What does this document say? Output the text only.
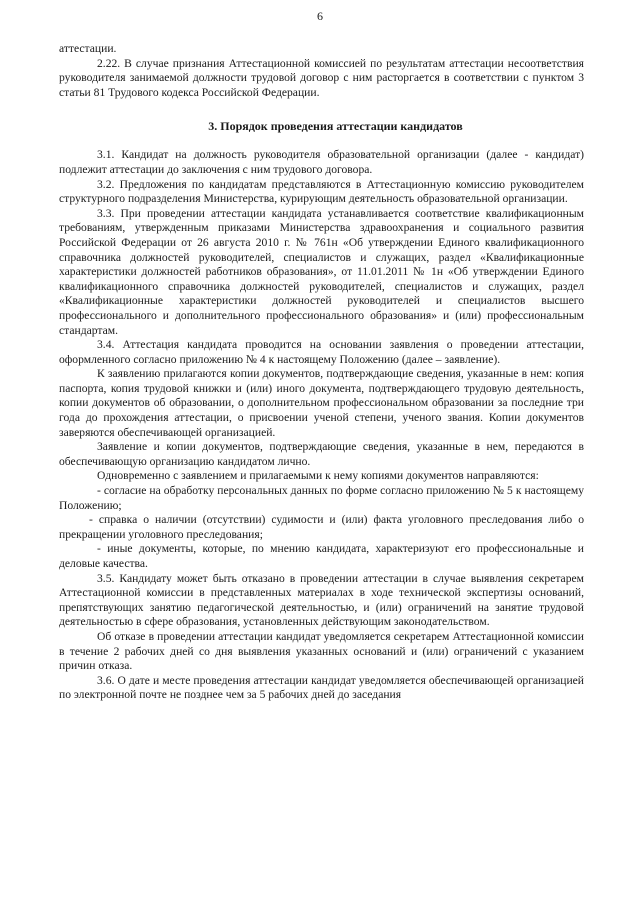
6

аттестации.

2.22. В случае признания Аттестационной комиссией по результатам аттестации несоответствия руководителя занимаемой должности трудовой договор с ним расторгается в соответствии с пунктом 3 статьи 81 Трудового кодекса Российской Федерации.

3. Порядок проведения аттестации кандидатов

3.1. Кандидат на должность руководителя образовательной организации (далее - кандидат) подлежит аттестации до заключения с ним трудового договора.

3.2. Предложения по кандидатам представляются в Аттестационную комиссию руководителем структурного подразделения Министерства, курирующим деятельность образовательной организации.

3.3. При проведении аттестации кандидата устанавливается соответствие квалификационным требованиям, утвержденным приказами Министерства здравоохранения и социального развития Российской Федерации от 26 августа 2010 г. № 761н «Об утверждении Единого квалификационного справочника должностей руководителей, специалистов и служащих, раздел «Квалификационные характеристики должностей работников образования», от 11.01.2011 № 1н «Об утверждении Единого квалификационного справочника должностей руководителей, специалистов и служащих, раздел «Квалификационные характеристики должностей руководителей и специалистов высшего профессионального и дополнительного профессионального образования» и (или) профессиональным стандартам.

3.4. Аттестация кандидата проводится на основании заявления о проведении аттестации, оформленного согласно приложению № 4 к настоящему Положению (далее – заявление).

К заявлению прилагаются копии документов, подтверждающие сведения, указанные в нем: копия паспорта, копия трудовой книжки и (или) иного документа, подтверждающего трудовую деятельность, копии документов об образовании, о дополнительном профессиональном образовании за последние три года до прохождения аттестации, о присвоении ученой степени, ученого звания. Копии документов заверяются обеспечивающей организацией.

Заявление и копии документов, подтверждающие сведения, указанные в нем, передаются в обеспечивающую организацию кандидатом лично.

Одновременно с заявлением и прилагаемыми к нему копиями документов направляются:

- согласие на обработку персональных данных по форме согласно приложению № 5 к настоящему Положению;

- справка о наличии (отсутствии) судимости и (или) факта уголовного преследования либо о прекращении уголовного преследования;

- иные документы, которые, по мнению кандидата, характеризуют его профессиональные и деловые качества.

3.5. Кандидату может быть отказано в проведении аттестации в случае выявления секретарем Аттестационной комиссии в представленных материалах в ходе технической экспертизы оснований, препятствующих занятию педагогической деятельностью, и (или) ограничений на занятие трудовой деятельностью в сфере образования, установленных действующим законодательством.

Об отказе в проведении аттестации кандидат уведомляется секретарем Аттестационной комиссии в течение 2 рабочих дней со дня выявления указанных оснований и (или) ограничений с указанием причин отказа.

3.6. О дате и месте проведения аттестации кандидат уведомляется обеспечивающей организацией по электронной почте не позднее чем за 5 рабочих дней до заседания
